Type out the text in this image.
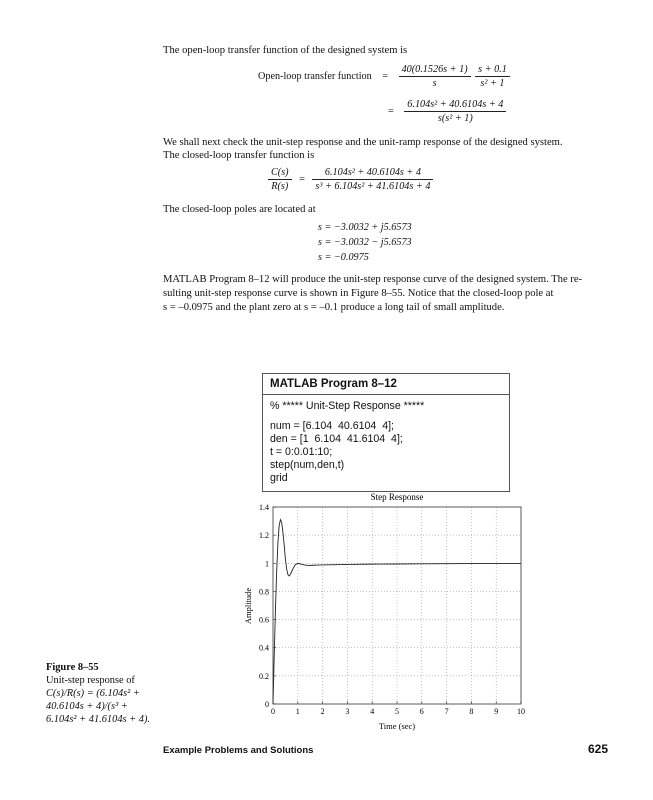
The open-loop transfer function of the designed system is

Open-loop transfer function = $\frac{40(0.1526s + 1)}{s}$
$\frac{s + 0.1}{\text{s² + 1}}$
= $\frac{\text{6.104s² + 40.6104s + 4}}{\text{s(s² + 1)}}$

We shall next check the unit-step response and the unit-ramp response of the designed system.

The closed-loop transfer function is

$\frac{C(s)}{R(s)} = \frac{\text{6.104s² + 40.6104s + 4}}{\text{s³ + 6.104s² + 41.6104s + 4}}$

The closed-loop poles are located at

s = −3.0032 + j5.6573
s = −3.0032 − j5.6573
s = −0.0975

MATLAB Program 8–12 will produce the unit-step response curve of the designed system. The re-

sulting unit-step response curve is shown in Figure 8–55. Notice that the closed-loop pole at

s = –0.0975 and the plant zero at s = –0.1 produce a long tail of small amplitude.

MATLAB Program 8–12
% ***** Unit-Step Response *****
num = [6.104  40.6104  4];
den = [1  6.104  41.6104  4];
t = 0:0.01:10;
step(num,den,t)
grid
Step Response
0	1	2	3	4	5	6	7	8	9 10
0
0.2
0.4
0.6
0.8
1
1.2
1.4
Time (sec)
Amplitude
Figure 8–55
Unit-step response of
C(s)/R(s) = (6.104s² +
40.6104s + 4)/(s³ +
6.104s² + 41.6104s + 4).
Example Problems and Solutions	625
